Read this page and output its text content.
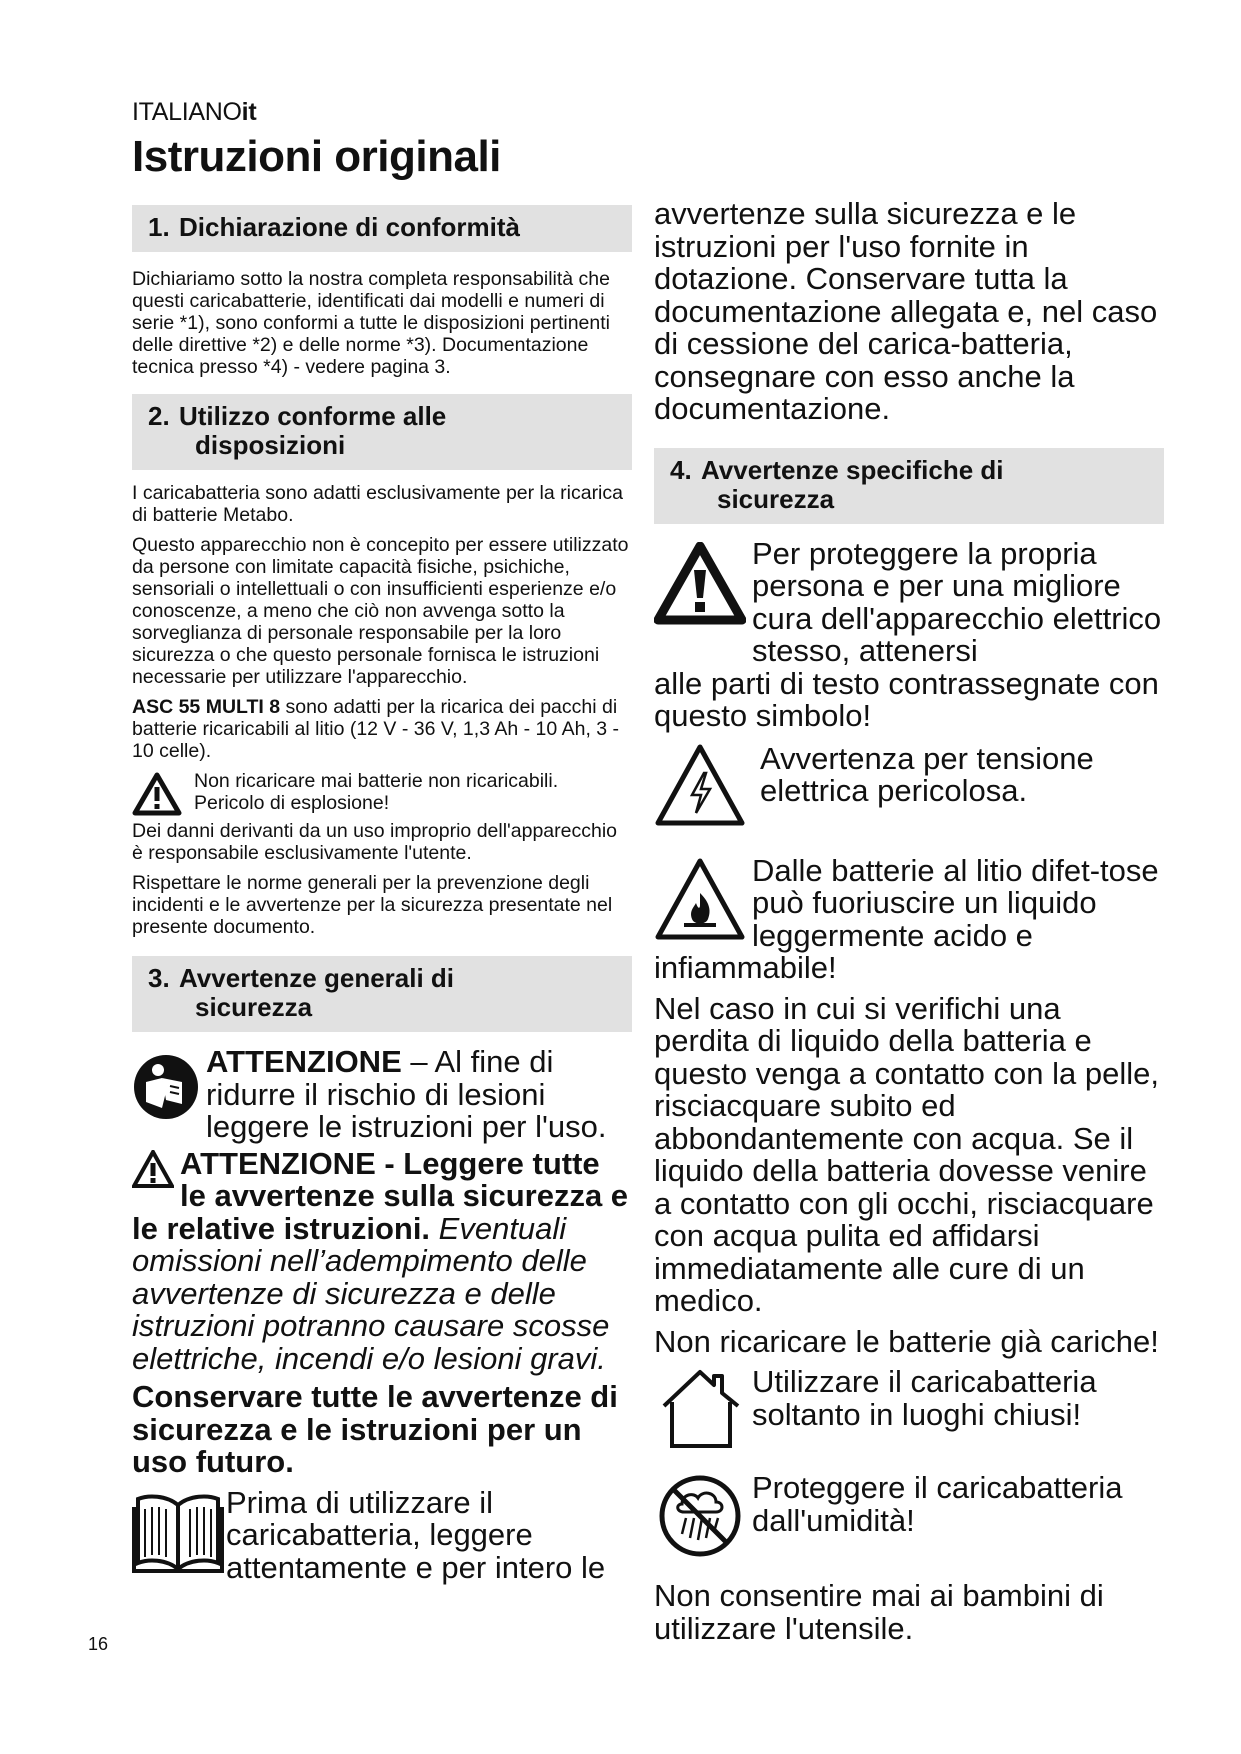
ITALIANOit
Istruzioni originali
1. Dichiarazione di conformità

Dichiariamo sotto la nostra completa responsabilità che questi caricabatterie, identificati dai modelli e numeri di serie *1), sono conformi a tutte le disposizioni pertinenti delle direttive *2) e delle norme *3). Documentazione tecnica presso *4) - vedere pagina 3.

2. Utilizzo conforme alle
disposizioni

I caricabatteria sono adatti esclusivamente per la ricarica di batterie Metabo.

Questo apparecchio non è concepito per essere utilizzato da persone con limitate capacità fisiche, psichiche, sensoriali o intellettuali o con insufficienti esperienze e/o conoscenze, a meno che ciò non avvenga sotto la sorveglianza di personale responsabile per la loro sicurezza o che questo personale fornisca le istruzioni necessarie per utilizzare l'apparecchio.

ASC 55 MULTI 8 sono adatti per la ricarica dei pacchi di batterie ricaricabili al litio (12 V - 36 V, 1,3 Ah - 10 Ah, 3 - 10 celle).

Non ricaricare mai batterie non ricaricabili. Pericolo di esplosione!

Dei danni derivanti da un uso improprio dell'apparecchio è responsabile esclusivamente l'utente.

Rispettare le norme generali per la prevenzione degli incidenti e le avvertenze per la sicurezza presentate nel presente documento.

3. Avvertenze generali di
sicurezza
ATTENZIONE – Al fine di ridurre il rischio di lesioni leggere le istruzioni per l'uso.
ATTENZIONE - Leggere tutte le avvertenze sulla sicurezza e le relative istruzioni. Eventuali omissioni nell’adempimento delle avvertenze di sicurezza e delle istruzioni potranno causare scosse elettriche, incendi e/o lesioni gravi.
Conservare tutte le avvertenze di sicurezza e le istruzioni per un uso futuro.
Prima di utilizzare il caricabatteria, leggere attentamente e per intero le
avvertenze sulla sicurezza e le istruzioni per l'uso fornite in dotazione. Conservare tutta la documentazione allegata e, nel caso di cessione del carica-batteria, consegnare con esso anche la documentazione.
4. Avvertenze specifiche di
sicurezza
Per proteggere la propria persona e per una migliore cura dell'apparecchio elettrico stesso, attenersi
alle parti di testo contrassegnate con questo simbolo!
Avvertenza per tensione elettrica pericolosa.
Dalle batterie al litio difet-tose può fuoriuscire un liquido leggermente acido e
infiammabile!
Nel caso in cui si verifichi una perdita di liquido della batteria e questo venga a contatto con la pelle, risciacquare subito ed abbondantemente con acqua. Se il liquido della batteria dovesse venire a contatto con gli occhi, risciacquare con acqua pulita ed affidarsi immediatamente alle cure di un medico.
Non ricaricare le batterie già cariche!
Utilizzare il caricabatteria soltanto in luoghi chiusi!
Proteggere il caricabatteria dall'umidità!
Non consentire mai ai bambini di utilizzare l'utensile.
16
